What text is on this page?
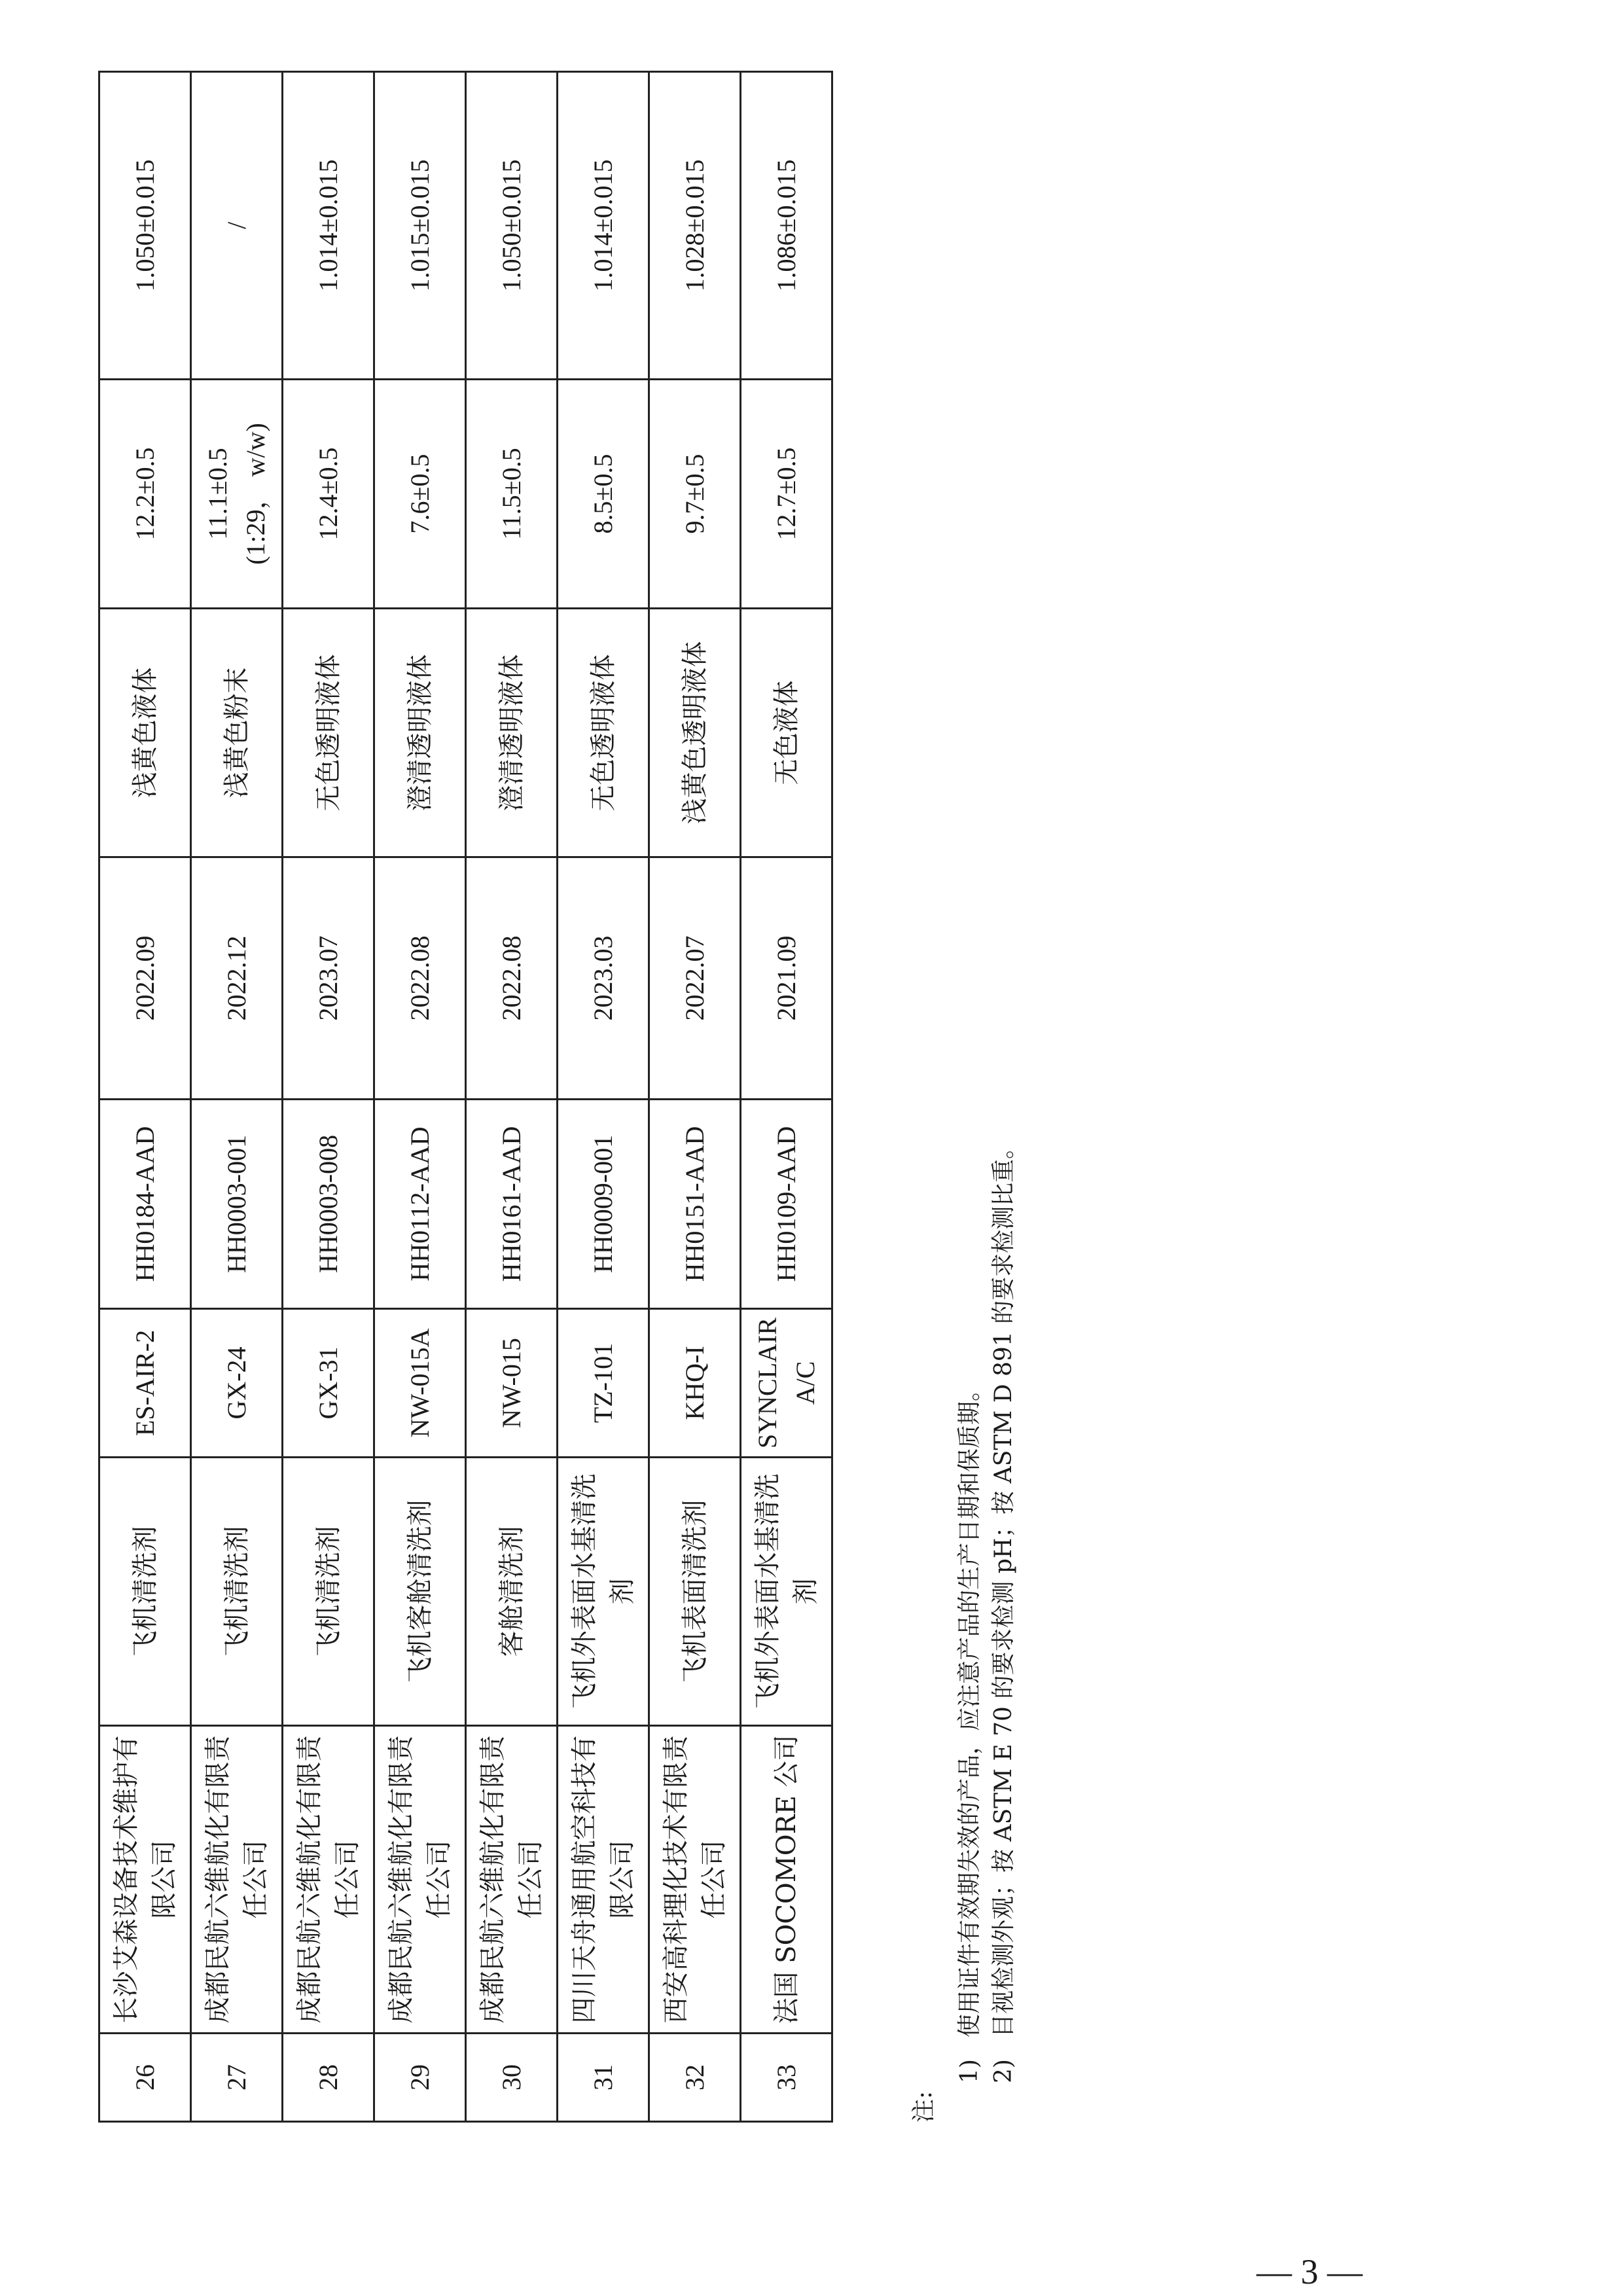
26	长沙艾森设备技术维护有限公司	飞机清洗剂	ES-AIR-2	HH0184-AAD	2022.09	浅黄色液体	12.2±0.5	1.050±0.015
27	成都民航六维航化有限责任公司	飞机清洗剂	GX-24	HH0003-001	2022.12	浅黄色粉末	11.1±0.5 (1:29， w/w)	/
28	成都民航六维航化有限责任公司	飞机清洗剂	GX-31	HH0003-008	2023.07	无色透明液体	12.4±0.5	1.014±0.015
29	成都民航六维航化有限责任公司	飞机客舱清洗剂	NW-015A	HH0112-AAD	2022.08	澄清透明液体	7.6±0.5	1.015±0.015
30	成都民航六维航化有限责任公司	客舱清洗剂	NW-015	HH0161-AAD	2022.08	澄清透明液体	11.5±0.5	1.050±0.015
31	四川天舟通用航空科技有限公司	飞机外表面水基清洗剂	TZ-101	HH0009-001	2023.03	无色透明液体	8.5±0.5	1.014±0.015
32	西安高科理化技术有限责任公司	飞机表面清洗剂	KHQ-I	HH0151-AAD	2022.07	浅黄色透明液体	9.7±0.5	1.028±0.015
33	法国 SOCOMORE 公司	飞机外表面水基清洗剂	SYNCLAIR A/C	HH0109-AAD	2021.09	无色液体	12.7±0.5	1.086±0.015
注:
1)使用证件有效期失效的产品，应注意产品的生产日期和保质期。
2)目视检测外观；按 ASTM E 70 的要求检测 pH；按 ASTM D 891 的要求检测比重。
— 3 —
